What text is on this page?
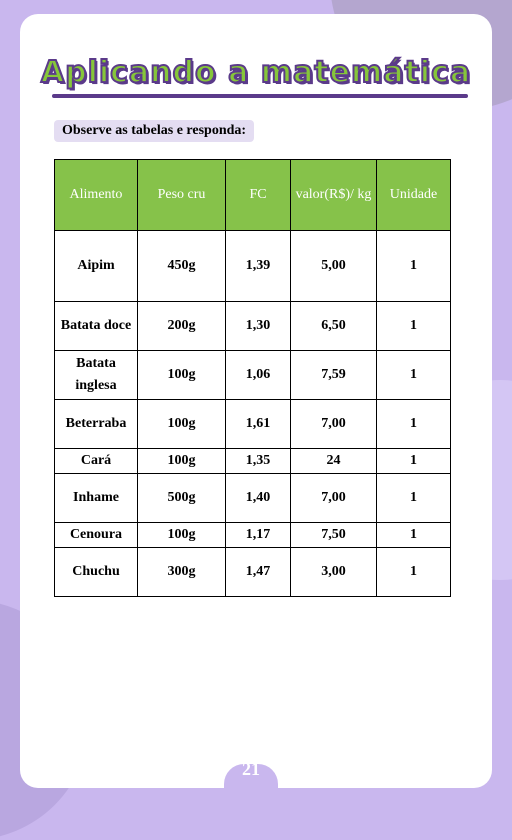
Aplicando a matemática
Observe as tabelas e responda:
Alimento	Peso cru	FC	valor(R$)/ kg	Unidade
Aipim	450g	1,39	5,00	1
Batata doce	200g	1,30	6,50	1
Batata inglesa	100g	1,06	7,59	1
Beterraba	100g	1,61	7,00	1
Cará	100g	1,35	24	1
Inhame	500g	1,40	7,00	1
Cenoura	100g	1,17	7,50	1
Chuchu	300g	1,47	3,00	1
21
